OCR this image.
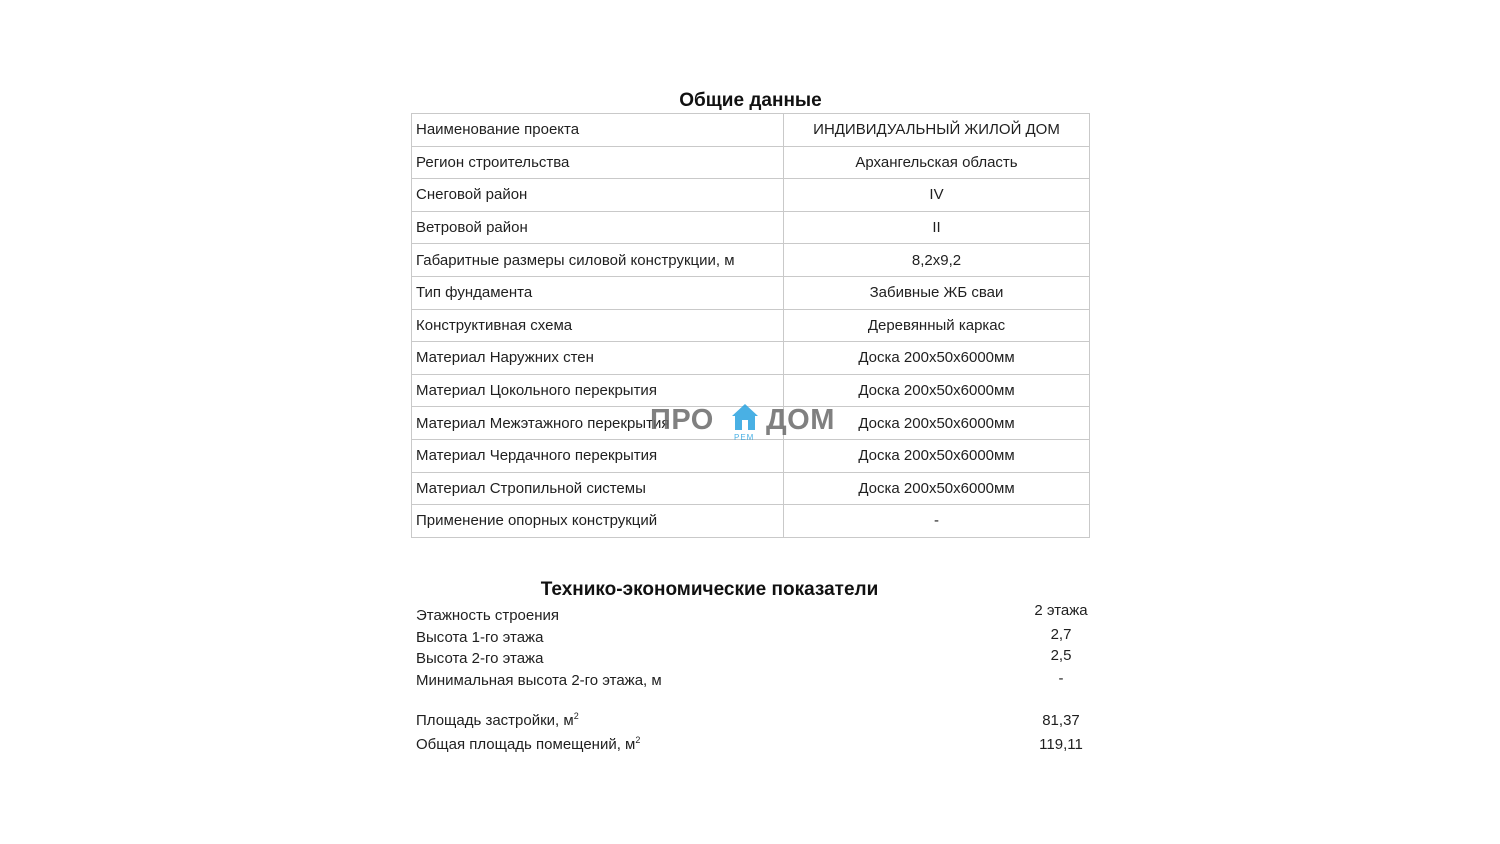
Общие данные
Наименование проекта	ИНДИВИДУАЛЬНЫЙ ЖИЛОЙ ДОМ
Регион строительства	Архангельская область
Снеговой район	IV
Ветровой район	II
Габаритные размеры силовой конструкции, м	8,2x9,2
Тип фундамента	Забивные ЖБ сваи
Конструктивная схема	Деревянный каркас
Материал Наружних стен	Доска 200х50х6000мм
Материал Цокольного перекрытия	Доска 200х50х6000мм
Материал Межэтажного перекрытия	Доска 200х50х6000мм
Материал Чердачного перекрытия	Доска 200х50х6000мм
Материал Стропильной системы	Доска 200х50х6000мм
Применение опорных конструкций	-
ПРО
РЕМ
ДОМ
Технико-экономические показатели
Этажность строения	2 этажа
Высота 1-го этажа	2,7
Высота 2-го этажа	2,5
Минимальная высота 2-го этажа, м	-
Площадь застройки, $м^2$	81,37
Общая площадь помещений, $м^2$	119,11
